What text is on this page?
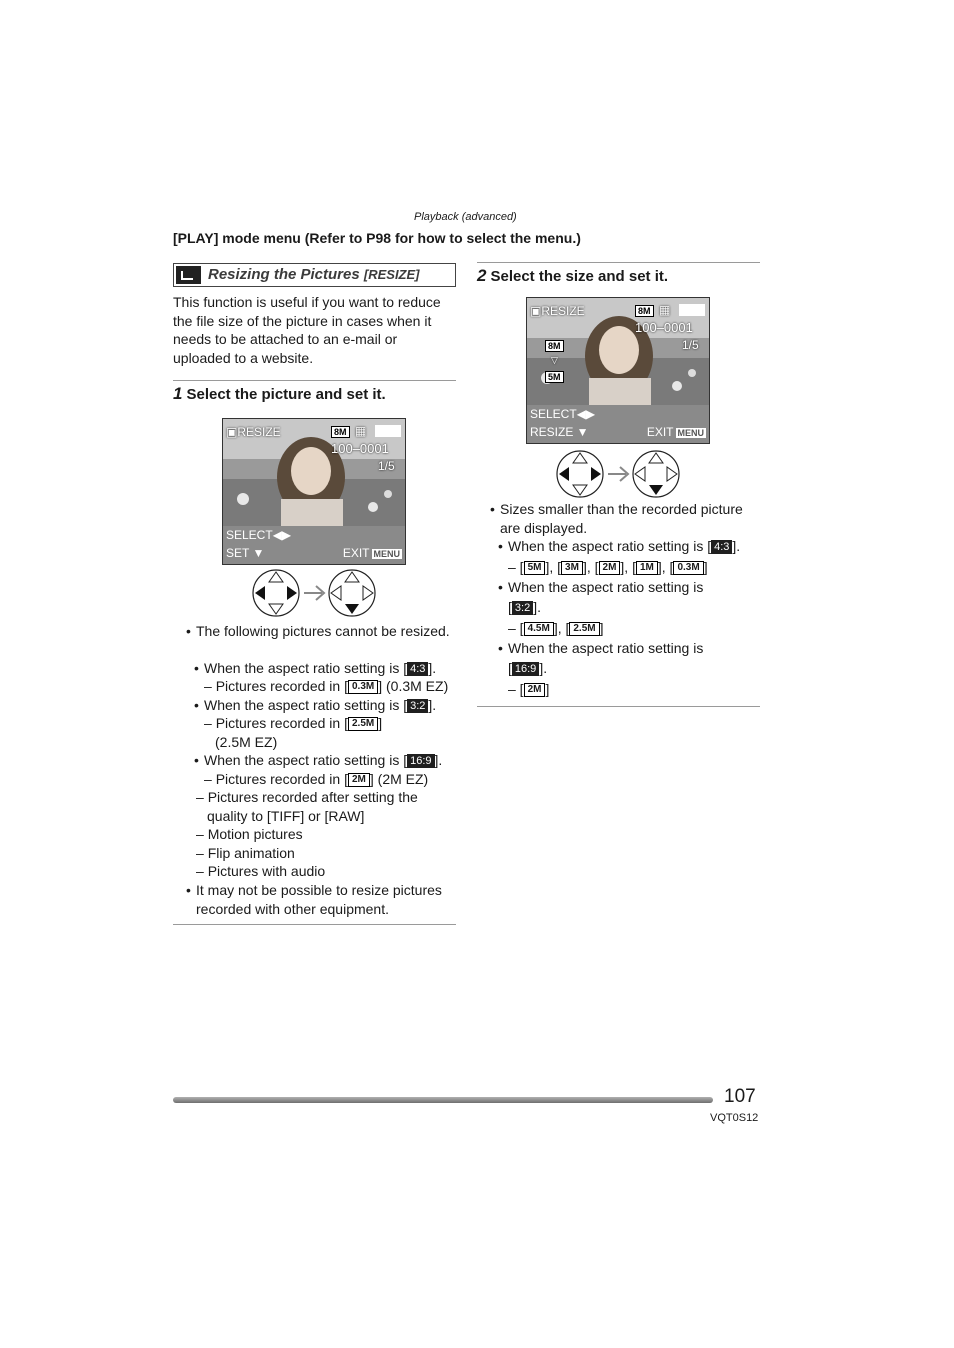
Playback (advanced)
[PLAY] mode menu (Refer to P98 for how to select the menu.)
Resizing the Pictures [RESIZE]
This function is useful if you want to reduce the file size of the picture in cases when it needs to be attached to an e-mail or uploaded to a website.
1 Select the picture and set it.
▣RESIZE	8M ▦
100–0001
1/5
SELECT◀▶
SET ▼	EXIT MENU
• The following pictures cannot be resized.
• When the aspect ratio setting is [ 4:3 ].
– Pictures recorded in [ 0.3M ] (0.3M EZ)
• When the aspect ratio setting is [ 3:2 ].
– Pictures recorded in [ 2.5M ]
(2.5M EZ)
• When the aspect ratio setting is [ 16:9 ].
– Pictures recorded in [ 2M ] (2M EZ)
– Pictures recorded after setting the quality to [TIFF] or [RAW]
– Motion pictures
– Flip animation
– Pictures with audio
• It may not be possible to resize pictures recorded with other equipment.
2 Select the size and set it.
▣RESIZE	8M ▦
100–0001
1/5
8M
▽
5M
SELECT◀▶
RESIZE ▼	EXIT MENU
• Sizes smaller than the recorded picture are displayed.
• When the aspect ratio setting is [ 4:3 ].
– [ 5M ], [ 3M ], [ 2M ], [ 1M ], [ 0.3M ]
• When the aspect ratio setting is
[ 3:2 ].
– [ 4.5M ], [ 2.5M ]
• When the aspect ratio setting is
[ 16:9 ].
– [ 2M ]
107
VQT0S12
